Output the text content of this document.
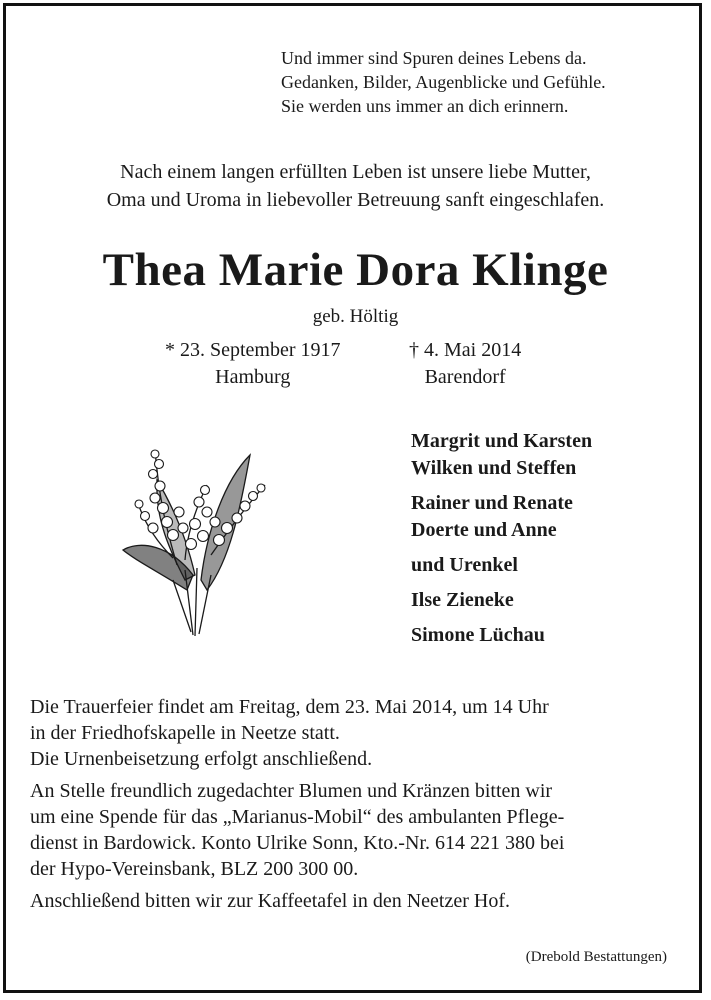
Und immer sind Spuren deines Lebens da.
Gedanken, Bilder, Augenblicke und Gefühle.
Sie werden uns immer an dich erinnern.
Nach einem langen erfüllten Leben ist unsere liebe Mutter,
Oma und Uroma in liebevoller Betreuung sanft eingeschlafen.
Thea Marie Dora Klinge
geb. Höltig
* 23. September 1917
Hamburg
† 4. Mai 2014
Barendorf
Margrit und Karsten
Wilken und Steffen
Rainer und Renate
Doerte und Anne
und Urenkel
Ilse Zieneke
Simone Lüchau

Die Trauerfeier findet am Freitag, dem 23. Mai 2014, um 14 Uhr
in der Friedhofskapelle in Neetze statt.
Die Urnenbeisetzung erfolgt anschließend.

An Stelle freundlich zugedachter Blumen und Kränzen bitten wir
um eine Spende für das „Marianus-Mobil“ des ambulanten Pflege-
dienst in Bardowick. Konto Ulrike Sonn, Kto.-Nr. 614 221 380 bei
der Hypo-Vereinsbank, BLZ 200 300 00.

Anschließend bitten wir zur Kaffeetafel in den Neetzer Hof.

(Drebold Bestattungen)
